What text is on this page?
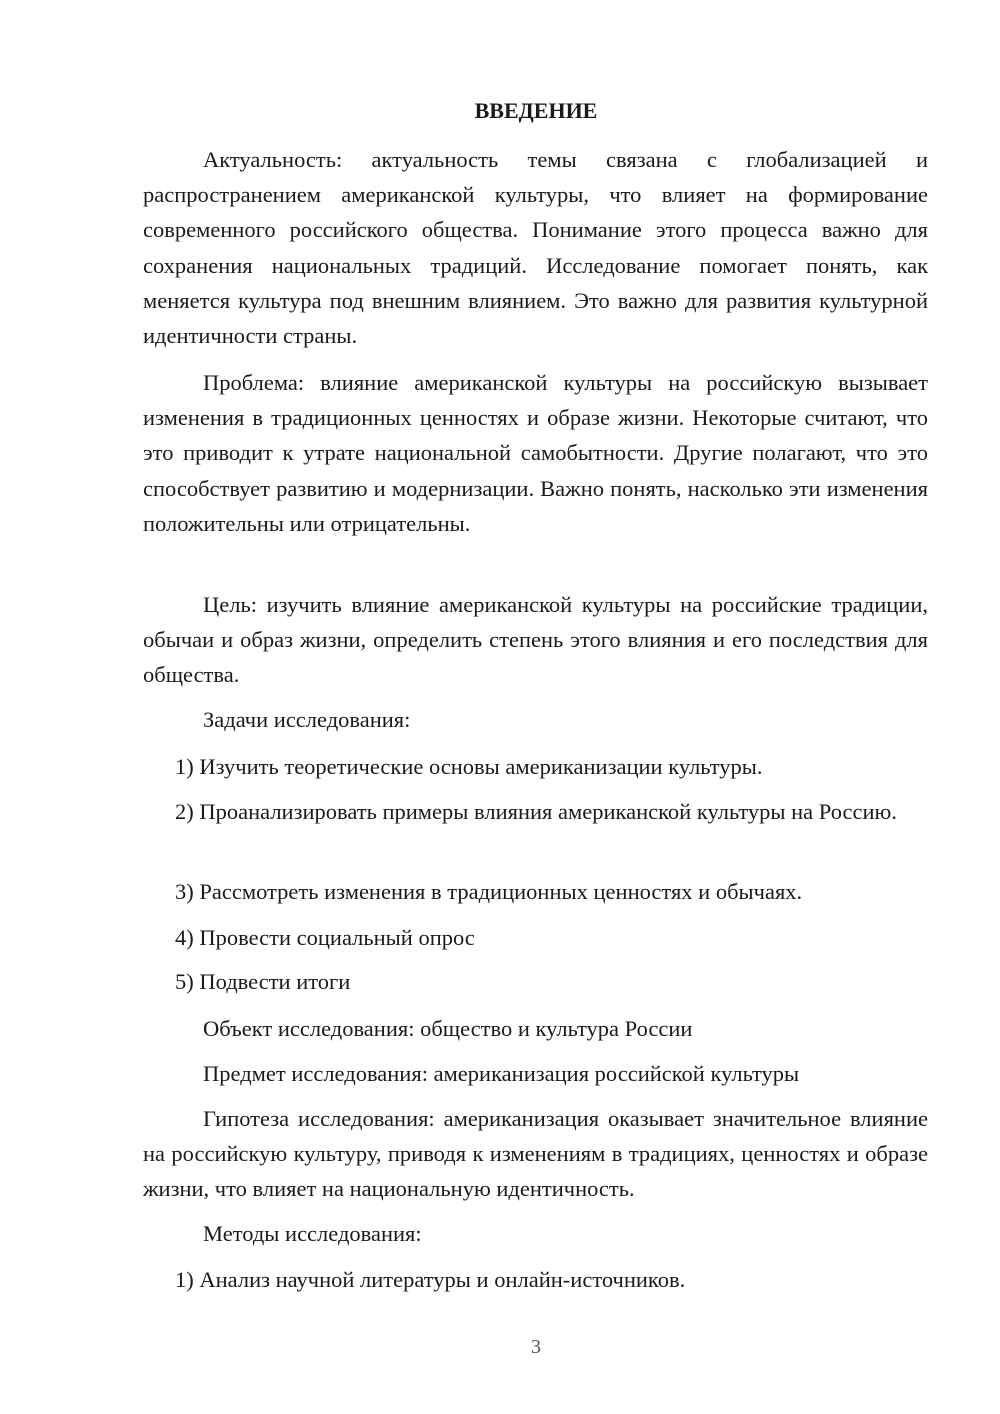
ВВЕДЕНИЕ

Актуальность: актуальность темы связана с глобализацией и распространением американской культуры, что влияет на формирование современного российского общества. Понимание этого процесса важно для сохранения национальных традиций. Исследование помогает понять, как меняется культура под внешним влиянием. Это важно для развития культурной идентичности страны.

Проблема: влияние американской культуры на российскую вызывает изменения в традиционных ценностях и образе жизни. Некоторые считают, что это приводит к утрате национальной самобытности. Другие полагают, что это способствует развитию и модернизации. Важно понять, насколько эти изменения положительны или отрицательны.

Цель: изучить влияние американской культуры на российские традиции, обычаи и образ жизни, определить степень этого влияния и его последствия для общества.

Задачи исследования:

1) Изучить теоретические основы американизации культуры.

2) Проанализировать примеры влияния американской культуры на Россию.

3) Рассмотреть изменения в традиционных ценностях и обычаях.

4) Провести социальный опрос

5) Подвести итоги

Объект исследования: общество и культура России

Предмет исследования: американизация российской культуры

Гипотеза исследования: американизация оказывает значительное влияние на российскую культуру, приводя к изменениям в традициях, ценностях и образе жизни, что влияет на национальную идентичность.

Методы исследования:

1) Анализ научной литературы и онлайн-источников.

3
